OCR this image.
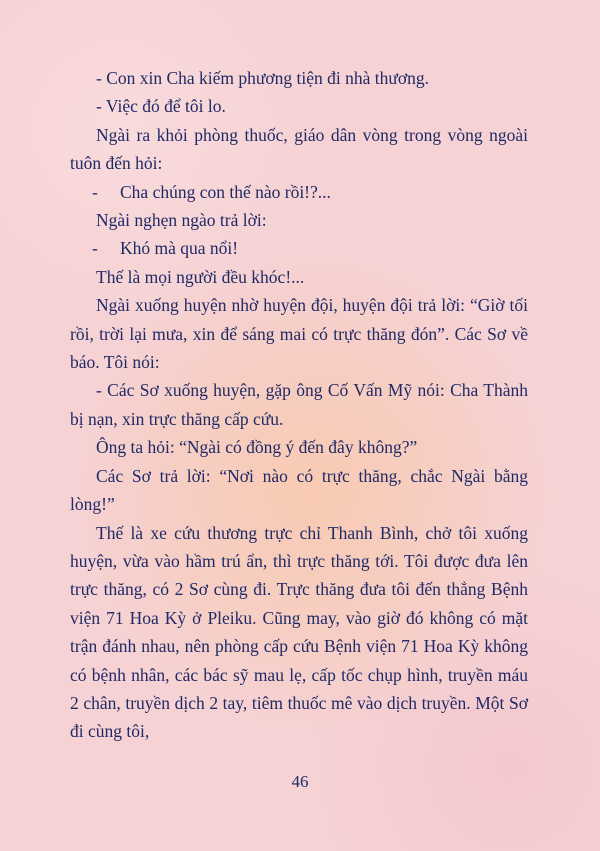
- Con xin Cha kiếm phương tiện đi nhà thương.

- Việc đó để tôi lo.

Ngài ra khỏi phòng thuốc, giáo dân vòng trong vòng ngoài tuôn đến hỏi:

- Cha chúng con thế nào rồi!?...

Ngài nghẹn ngào trả lời:

- Khó mà qua nổi!

Thế là mọi người đều khóc!...

Ngài xuống huyện nhờ huyện đội, huyện đội trả lời: “Giờ tối rồi, trời lại mưa, xin để sáng mai có trực thăng đón”. Các Sơ về báo. Tôi nói:

- Các Sơ xuống huyện, gặp ông Cố Vấn Mỹ nói: Cha Thành bị nạn, xin trực thăng cấp cứu.

Ông ta hỏi: “Ngài có đồng ý đến đây không?”

Các Sơ trả lời: “Nơi nào có trực thăng, chắc Ngài bằng lòng!”

Thế là xe cứu thương trực chỉ Thanh Bình, chở tôi xuống huyện, vừa vào hầm trú ẩn, thì trực thăng tới. Tôi được đưa lên trực thăng, có 2 Sơ cùng đi. Trực thăng đưa tôi đến thẳng Bệnh viện 71 Hoa Kỳ ở Pleiku. Cũng may, vào giờ đó không có mặt trận đánh nhau, nên phòng cấp cứu Bệnh viện 71 Hoa Kỳ không có bệnh nhân, các bác sỹ mau lẹ, cấp tốc chụp hình, truyền máu 2 chân, truyền dịch 2 tay, tiêm thuốc mê vào dịch truyền. Một Sơ đi cùng tôi,

46
